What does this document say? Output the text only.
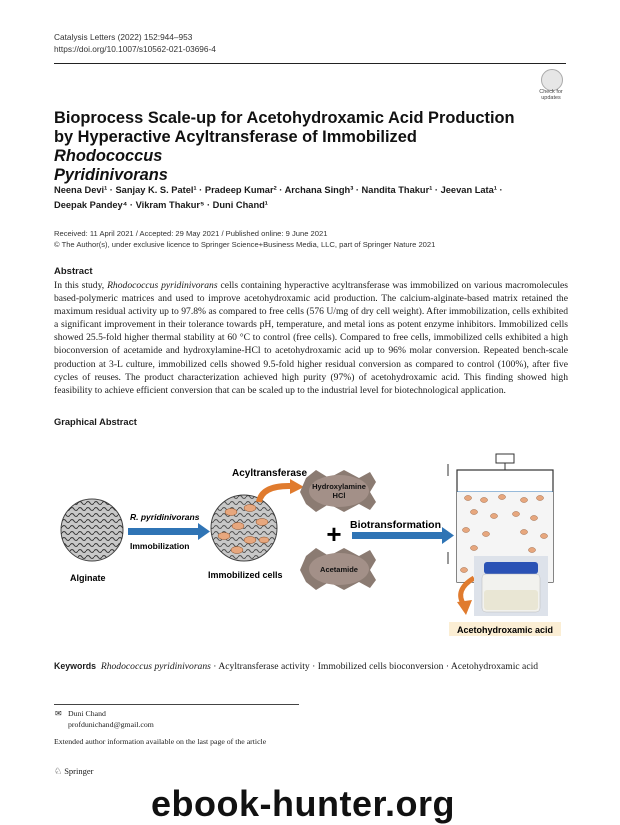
Catalysis Letters (2022) 152:944–953
https://doi.org/10.1007/s10562-021-03696-4
Check for
updates
Bioprocess Scale-up for Acetohydroxamic Acid Production
by Hyperactive Acyltransferase of Immobilized Rhodococcus
Pyridinivorans
Neena Devi¹ · Sanjay K. S. Patel¹ · Pradeep Kumar² · Archana Singh³ · Nandita Thakur¹ · Jeevan Lata¹ ·
Deepak Pandey⁴ · Vikram Thakur⁵ · Duni Chand¹
Received: 11 April 2021 / Accepted: 29 May 2021 / Published online: 9 June 2021
© The Author(s), under exclusive licence to Springer Science+Business Media, LLC, part of Springer Nature 2021
Abstract
In this study, Rhodococcus pyridinivorans cells containing hyperactive acyltransferase was immobilized on various macromolecules based-polymeric matrices and used to improve acetohydroxamic acid production. The calcium-alginate-based matrix retained the maximum residual activity up to 97.8% as compared to free cells (576 U/mg of dry cell weight). After immobilization, cells exhibited a significant improvement in their tolerance towards pH, temperature, and metal ions as potent enzyme inhibitors. Immobilized cells showed 25.5-fold higher thermal stability at 60 °C to control (free cells). Compared to free cells, immobilized cells exhibited a high bioconversion of acetamide and hydroxylamine-HCl to acetohydroxamic acid up to 96% molar conversion. Repeated bench-scale production at 3-L culture, immobilized cells showed 9.5-fold higher residual conversion as compared to control (100%), after five cycles of reuses. The product characterization achieved high purity (97%) of acetohydroxamic acid. This finding showed high feasibility to achieve efficient conversion that can be scaled up to the industrial level for biotechnological application.
Graphical Abstract
Alginate
R. pyridinivorans
Immobilization
Immobilized cells
Acyltransferase
Hydroxylamine
HCl
+
Acetamide
Biotransformation
Acetohydroxamic acid
Keywords Rhodococcus pyridinivorans · Acyltransferase activity · Immobilized cells bioconversion · Acetohydroxamic acid
✉ Duni Chand
profdunichand@gmail.com
Extended author information available on the last page of the article
♘ Springer
ebook-hunter.org
